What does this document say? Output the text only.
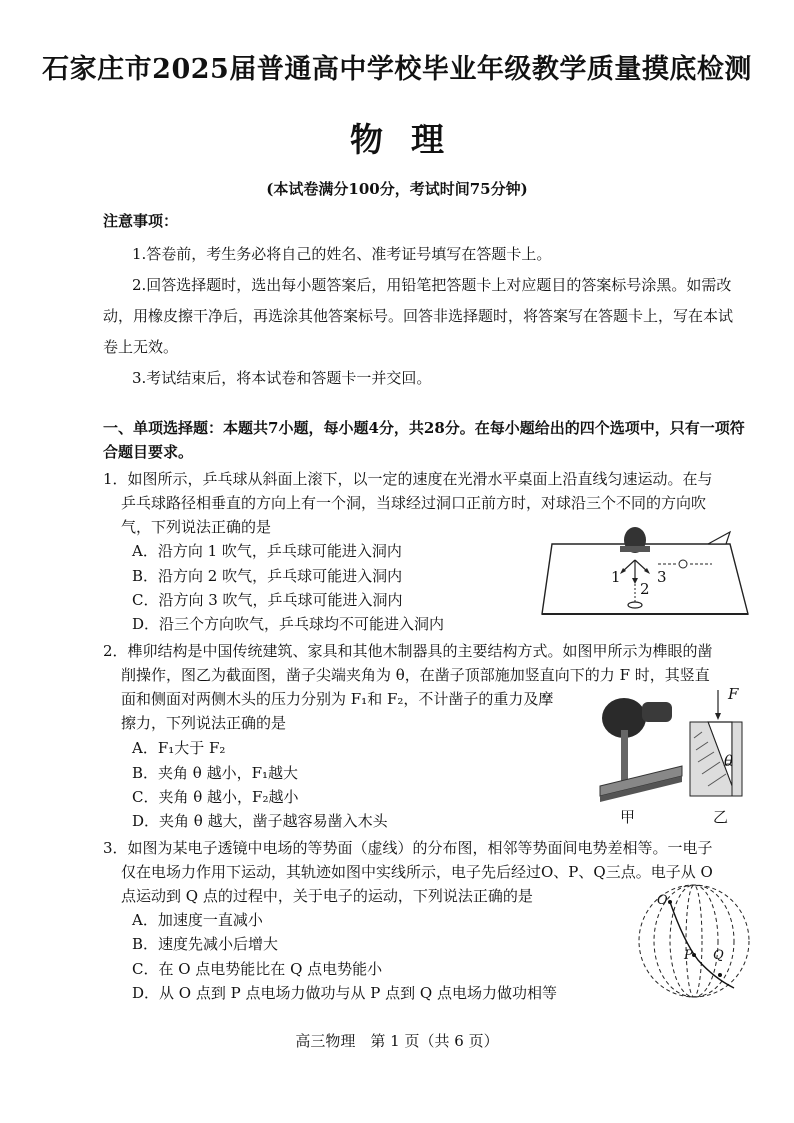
石家庄市2025届普通高中学校毕业年级教学质量摸底检测
物理
(本试卷满分100分，考试时间75分钟)
注意事项：
1.答卷前，考生务必将自己的姓名、准考证号填写在答题卡上。
2.回答选择题时，选出每小题答案后，用铅笔把答题卡上对应题目的答案标号涂黑。如需改
动，用橡皮擦干净后，再选涂其他答案标号。回答非选择题时，将答案写在答题卡上，写在本试
卷上无效。
3.考试结束后，将本试卷和答题卡一并交回。
一、单项选择题：本题共7小题，每小题4分，共28分。在每小题给出的四个选项中，只有一项符
合题目要求。
1．如图所示，乒乓球从斜面上滚下，以一定的速度在光滑水平桌面上沿直线匀速运动。在与
乒乓球路径相垂直的方向上有一个洞，当球经过洞口正前方时，对球沿三个不同的方向吹
气，下列说法正确的是
A．沿方向 1 吹气，乒乓球可能进入洞内
B．沿方向 2 吹气，乒乓球可能进入洞内
C．沿方向 3 吹气，乒乓球可能进入洞内
D．沿三个方向吹气，乒乓球均不可能进入洞内
1
2
3
2．榫卯结构是中国传统建筑、家具和其他木制器具的主要结构方式。如图甲所示为榫眼的凿
削操作，图乙为截面图，凿子尖端夹角为 θ，在凿子顶部施加竖直向下的力 F 时，其竖直
面和侧面对两侧木头的压力分别为 F₁和 F₂，不计凿子的重力及摩
擦力，下列说法正确的是
A．F₁大于 F₂
B．夹角 θ 越小，F₁越大
C．夹角 θ 越小，F₂越小
D．夹角 θ 越大，凿子越容易凿入木头
F
θ
甲	乙
3．如图为某电子透镜中电场的等势面（虚线）的分布图，相邻等势面间电势差相等。一电子
仅在电场力作用下运动，其轨迹如图中实线所示，电子先后经过O、P、Q三点。电子从 O
点运动到 Q 点的过程中，关于电子的运动，下列说法正确的是
A．加速度一直减小
B．速度先减小后增大
C．在 O 点电势能比在 Q 点电势能小
D．从 O 点到 P 点电场力做功与从 P 点到 Q 点电场力做功相等
O
P Q
高三物理　第 1 页（共 6 页）
